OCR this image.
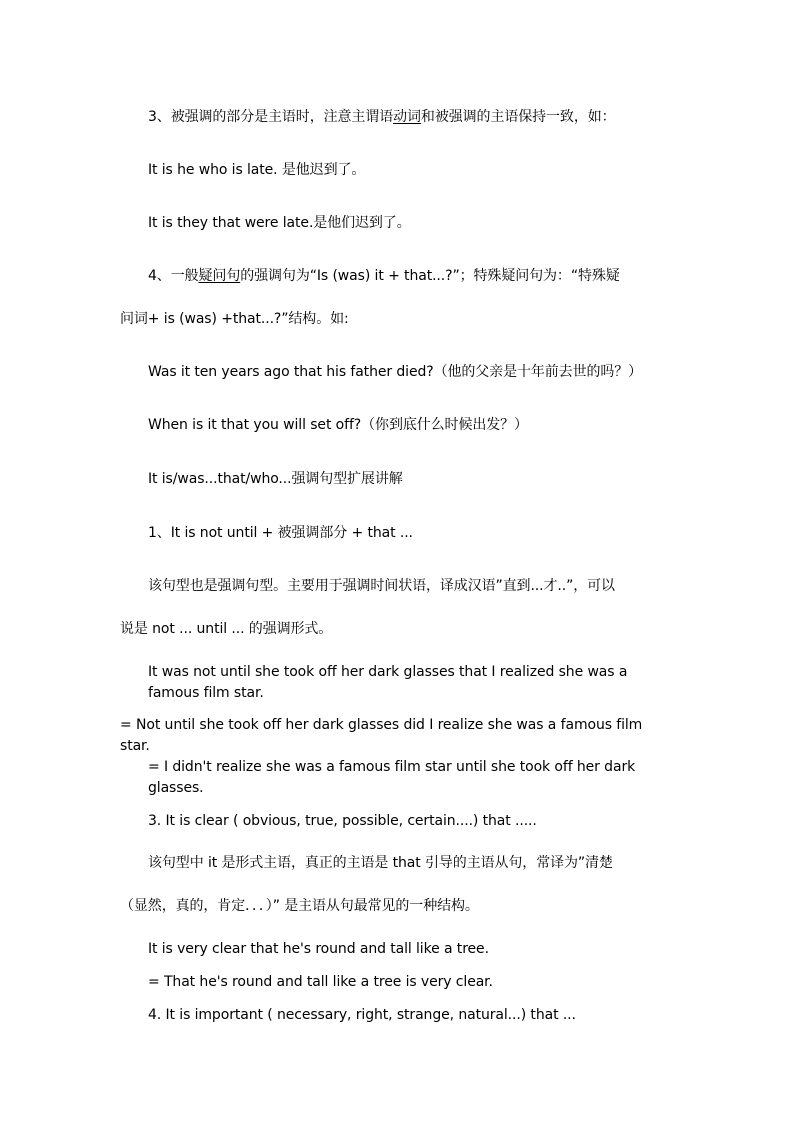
3、被强调的部分是主语时，注意主谓语动词和被强调的主语保持一致，如：
It is he who is late. 是他迟到了。
It is they that were late.是他们迟到了。
4、一般疑问句的强调句为“Is (was) it + that...?”；特殊疑问句为：“特殊疑
问词+ is (was) +that...?”结构。如:
Was it ten years ago that his father died?（他的父亲是十年前去世的吗？）
When is it that you will set off?（你到底什么时候出发？）
It is/was...that/who...强调句型扩展讲解
1、It is not until + 被强调部分 + that ...
该句型也是强调句型。主要用于强调时间状语，译成汉语”直到...才..”，可以
说是 not ... until ... 的强调形式。
It was not until she took off her dark glasses that I realized she was a famous film star.
= Not until she took off her dark glasses did I realize she was a famous film star.
= I didn't realize she was a famous film star until she took off her dark glasses.
3. It is clear ( obvious, true, possible, certain....) that .....
该句型中 it 是形式主语，真正的主语是 that 引导的主语从句，常译为”清楚
（显然，真的，肯定．．．）” 是主语从句最常见的一种结构。
It is very clear that he's round and tall like a tree.
= That he's round and tall like a tree is very clear.
4. It is important ( necessary, right, strange, natural...) that ...
